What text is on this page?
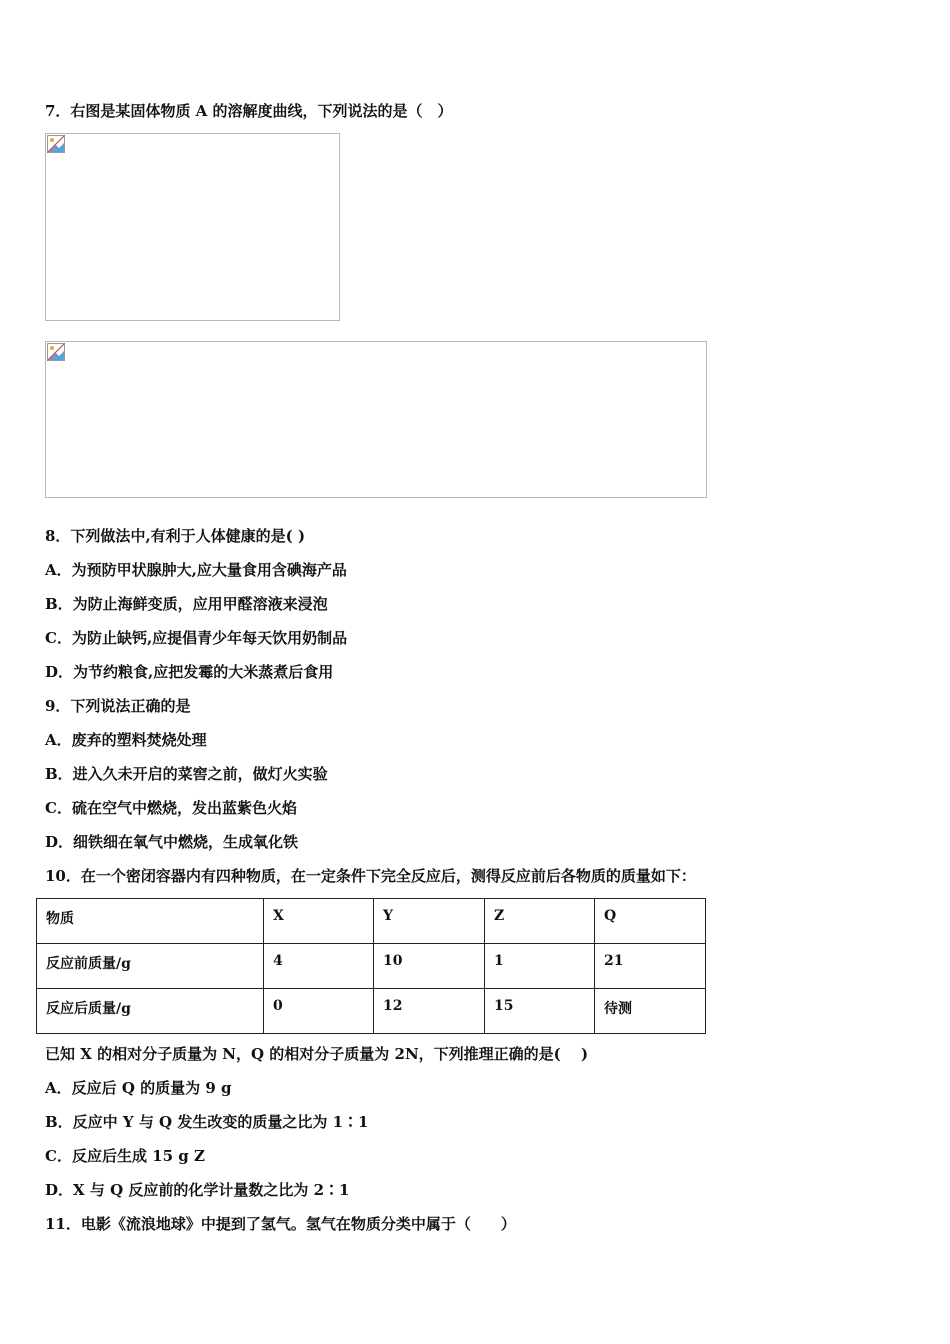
7．右图是某固体物质 A 的溶解度曲线，下列说法的是（　）
8．下列做法中,有利于人体健康的是( )
A．为预防甲状腺肿大,应大量食用含碘海产品
B．为防止海鲜变质，应用甲醛溶液来浸泡
C．为防止缺钙,应提倡青少年每天饮用奶制品
D．为节约粮食,应把发霉的大米蒸煮后食用
9．下列说法正确的是
A．废弃的塑料焚烧处理
B．进入久未开启的菜窖之前，做灯火实验
C．硫在空气中燃烧，发出蓝紫色火焰
D．细铁细在氧气中燃烧，生成氧化铁
10．在一个密闭容器内有四种物质，在一定条件下完全反应后，测得反应前后各物质的质量如下：
物质	X	Y	Z	Q
反应前质量/g	4	10	1	21
反应后质量/g	0	12	15	待测
已知 X 的相对分子质量为 N，Q 的相对分子质量为 2N，下列推理正确的是(　 )
A．反应后 Q 的质量为 9 g
B．反应中 Y 与 Q 发生改变的质量之比为 1∶1
C．反应后生成 15 g Z
D．X 与 Q 反应前的化学计量数之比为 2∶1
11．电影《流浪地球》中提到了氢气。氢气在物质分类中属于（　　）
